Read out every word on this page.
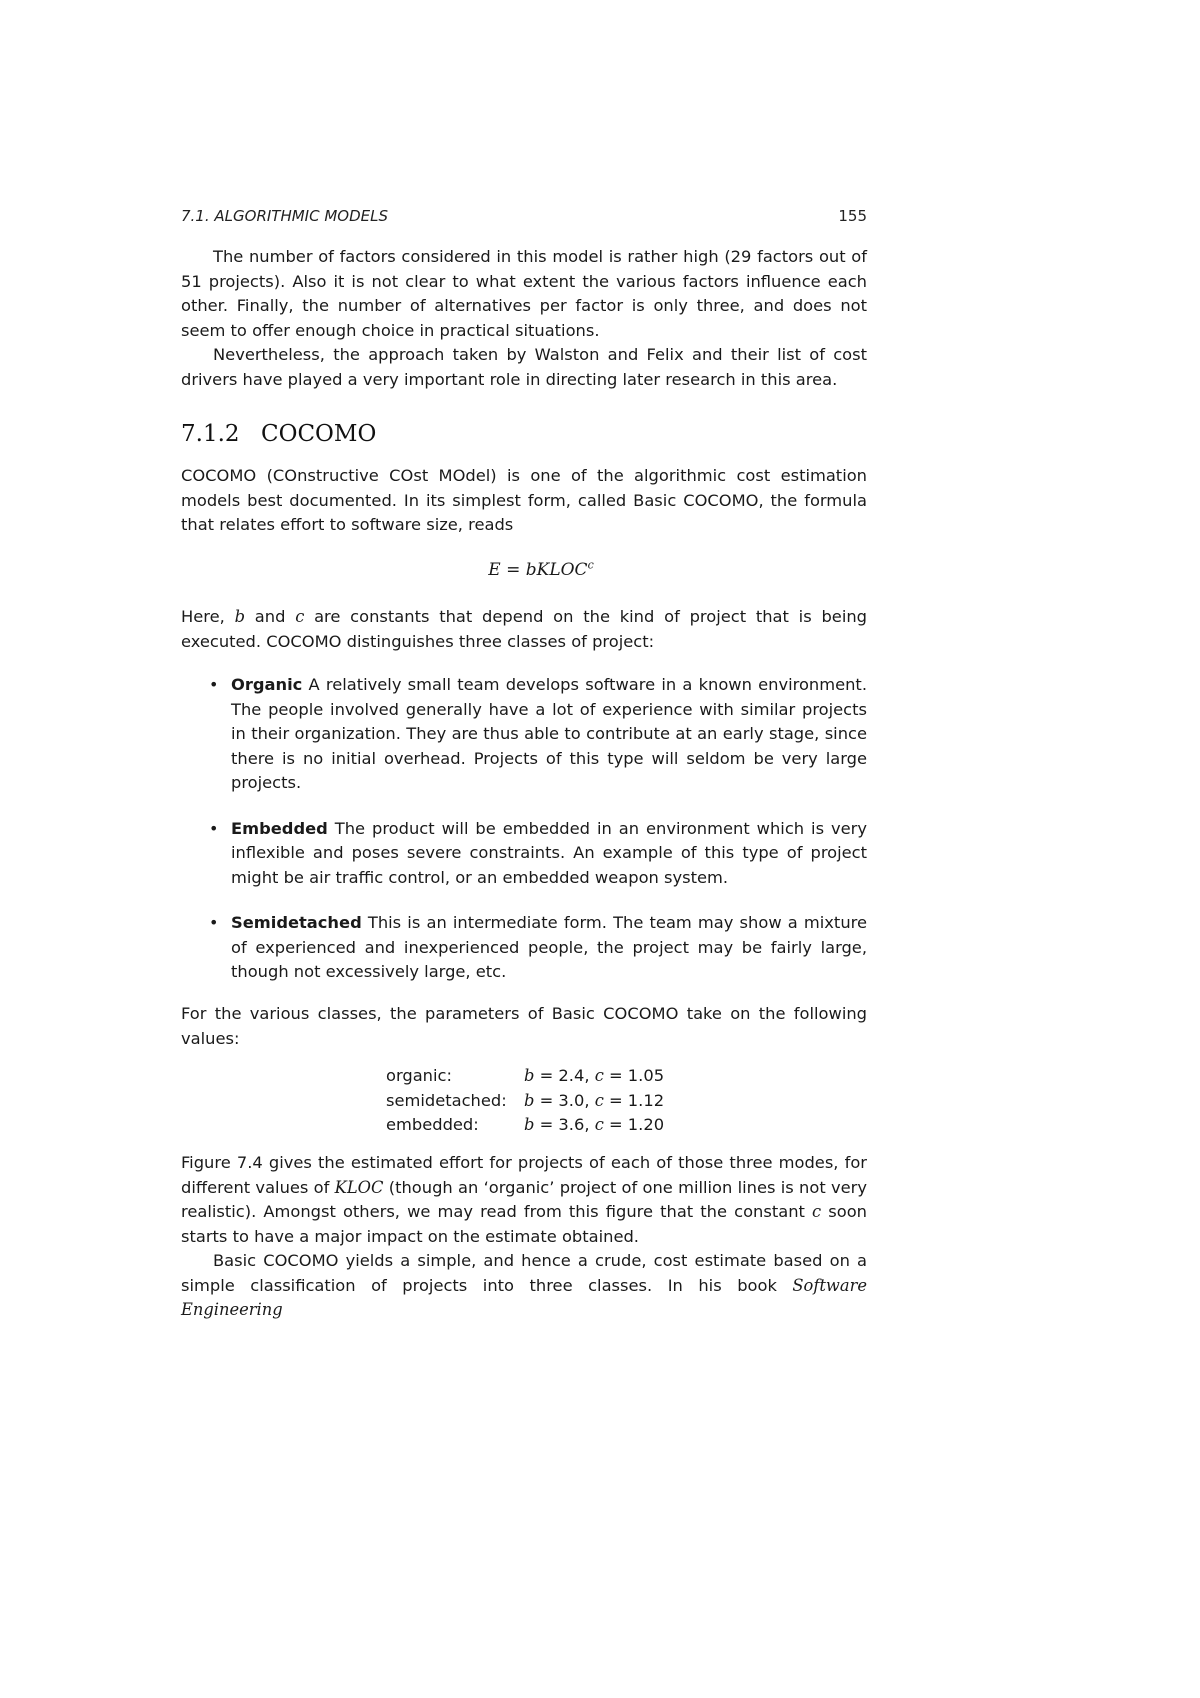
7.1. ALGORITHMIC MODELS	155

The number of factors considered in this model is rather high (29 factors out of 51 projects). Also it is not clear to what extent the various factors influence each other. Finally, the number of alternatives per factor is only three, and does not seem to offer enough choice in practical situations.

Nevertheless, the approach taken by Walston and Felix and their list of cost drivers have played a very important role in directing later research in this area.

7.1.2 COCOMO

COCOMO (COnstructive COst MOdel) is one of the algorithmic cost estimation models best documented. In its simplest form, called Basic COCOMO, the formula that relates effort to software size, reads

E = bKLOC$^c$

Here, b and c are constants that depend on the kind of project that is being executed. COCOMO distinguishes three classes of project:

• Organic A relatively small team develops software in a known environment. The people involved generally have a lot of experience with similar projects in their organization. They are thus able to contribute at an early stage, since there is no initial overhead. Projects of this type will seldom be very large projects.
• Embedded The product will be embedded in an environment which is very inflexible and poses severe constraints. An example of this type of project might be air traffic control, or an embedded weapon system.
• Semidetached This is an intermediate form. The team may show a mixture of experienced and inexperienced people, the project may be fairly large, though not excessively large, etc.

For the various classes, the parameters of Basic COCOMO take on the following values:

organic:	b = 2.4, c = 1.05
semidetached:	b = 3.0, c = 1.12
embedded:	b = 3.6, c = 1.20

Figure 7.4 gives the estimated effort for projects of each of those three modes, for different values of KLOC (though an ‘organic’ project of one million lines is not very realistic). Amongst others, we may read from this figure that the constant c soon starts to have a major impact on the estimate obtained.

Basic COCOMO yields a simple, and hence a crude, cost estimate based on a simple classification of projects into three classes. In his book Software Engineering
